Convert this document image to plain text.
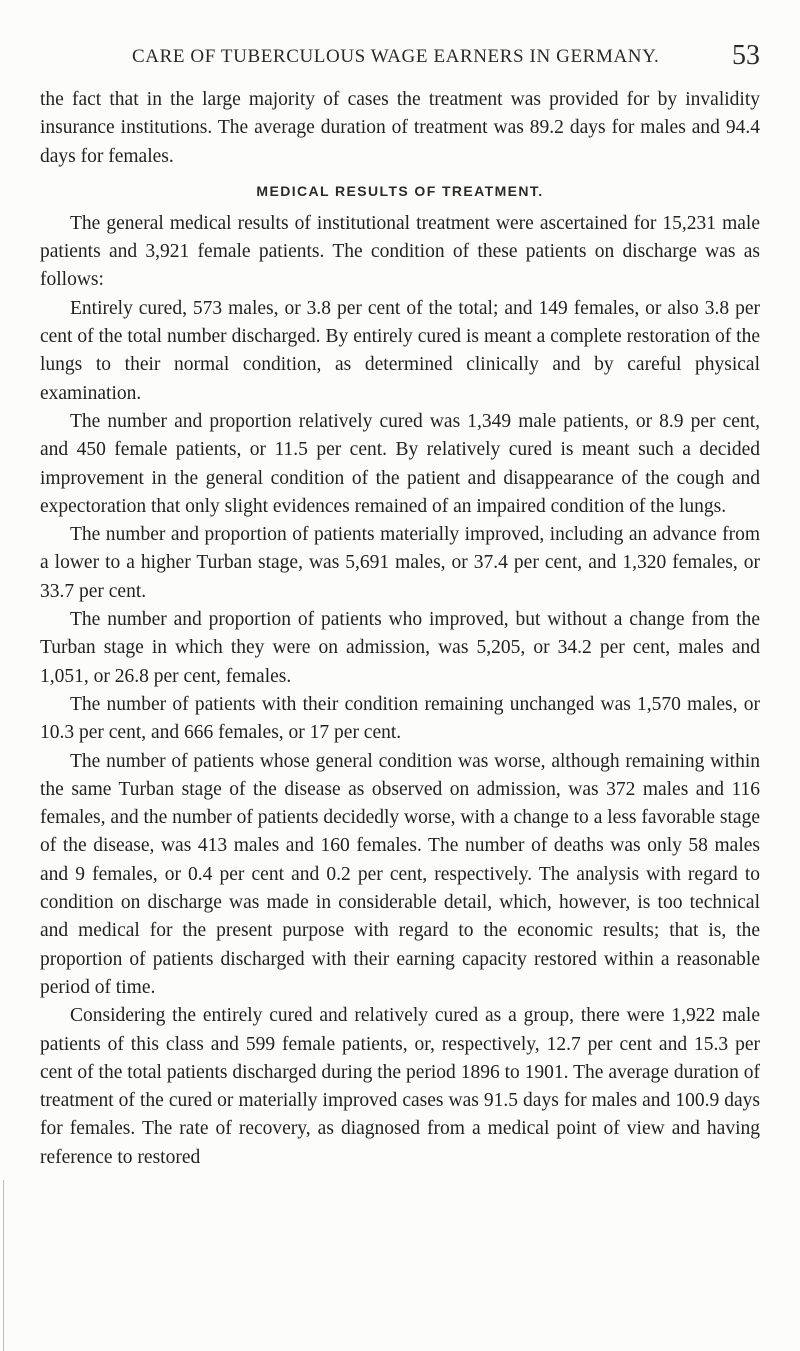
CARE OF TUBERCULOUS WAGE EARNERS IN GERMANY.	53

the fact that in the large majority of cases the treatment was provided for by invalidity insurance institutions. The average duration of treatment was 89.2 days for males and 94.4 days for females.

MEDICAL RESULTS OF TREATMENT.

The general medical results of institutional treatment were ascertained for 15,231 male patients and 3,921 female patients. The condition of these patients on discharge was as follows:

Entirely cured, 573 males, or 3.8 per cent of the total; and 149 females, or also 3.8 per cent of the total number discharged. By entirely cured is meant a complete restoration of the lungs to their normal condition, as determined clinically and by careful physical examination.

The number and proportion relatively cured was 1,349 male patients, or 8.9 per cent, and 450 female patients, or 11.5 per cent. By relatively cured is meant such a decided improvement in the general condition of the patient and disappearance of the cough and expectoration that only slight evidences remained of an impaired condition of the lungs.

The number and proportion of patients materially improved, including an advance from a lower to a higher Turban stage, was 5,691 males, or 37.4 per cent, and 1,320 females, or 33.7 per cent.

The number and proportion of patients who improved, but without a change from the Turban stage in which they were on admission, was 5,205, or 34.2 per cent, males and 1,051, or 26.8 per cent, females.

The number of patients with their condition remaining unchanged was 1,570 males, or 10.3 per cent, and 666 females, or 17 per cent.

The number of patients whose general condition was worse, although remaining within the same Turban stage of the disease as observed on admission, was 372 males and 116 females, and the number of patients decidedly worse, with a change to a less favorable stage of the disease, was 413 males and 160 females. The number of deaths was only 58 males and 9 females, or 0.4 per cent and 0.2 per cent, respectively. The analysis with regard to condition on discharge was made in considerable detail, which, however, is too technical and medical for the present purpose with regard to the economic results; that is, the proportion of patients discharged with their earning capacity restored within a reasonable period of time.

Considering the entirely cured and relatively cured as a group, there were 1,922 male patients of this class and 599 female patients, or, respectively, 12.7 per cent and 15.3 per cent of the total patients discharged during the period 1896 to 1901. The average duration of treatment of the cured or materially improved cases was 91.5 days for males and 100.9 days for females. The rate of recovery, as diagnosed from a medical point of view and having reference to restored
